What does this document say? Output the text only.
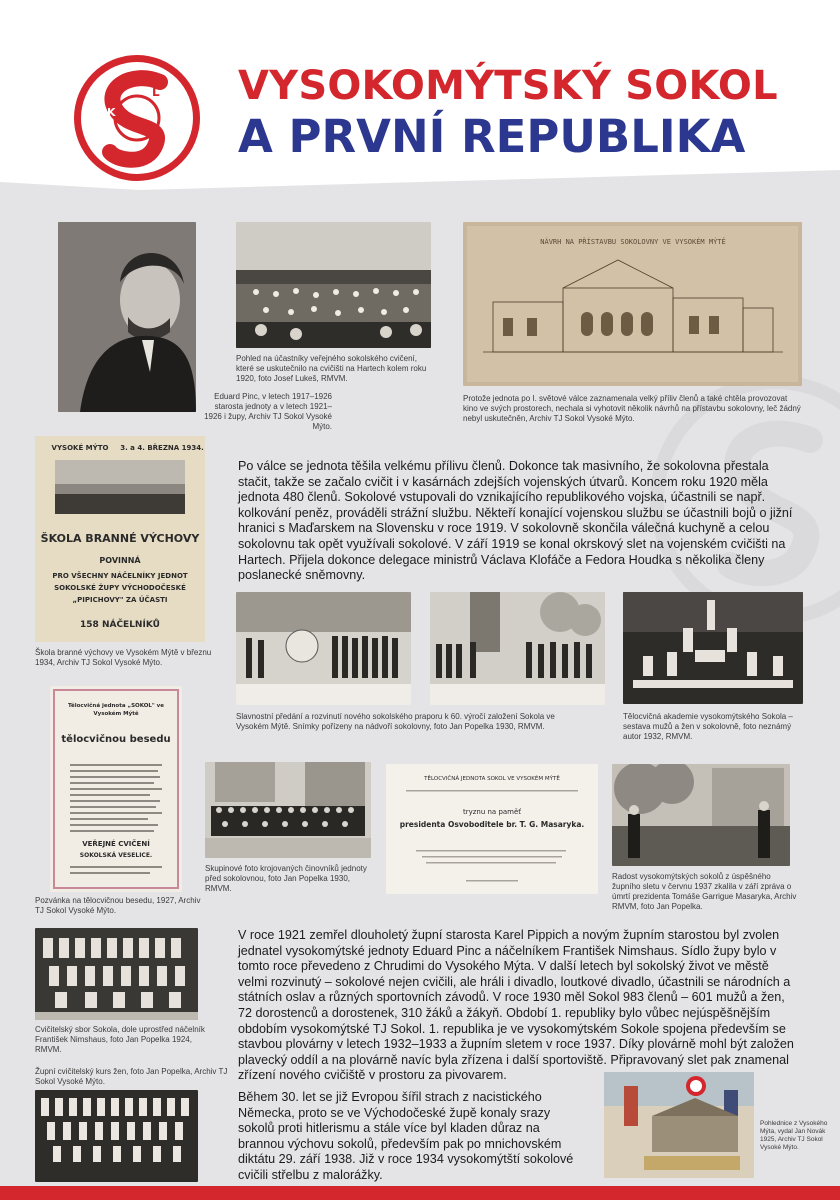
K
L VYSOKOMÝTSKÝ SOKOL
A PRVNÍ REPUBLIKA

Eduard Pinc, v letech 1917–1926 starosta jednoty a v letech 1921–1926 i župy, Archiv TJ Sokol Vysoké Mýto.

Pohled na účastníky veřejného sokolského cvičení, které se uskutečnilo na cvičišti na Hartech kolem roku 1920, foto Josef Lukeš, RMVM.

NÁVRH NA PŘÍSTAVBU SOKOLOVNY VE VYSOKÉM MÝTĚ

Protože jednota po I. světové válce zaznamenala velký příliv členů a také chtěla provozovat kino ve svých prostorech, nechala si vyhotovit několik návrhů na přístavbu sokolovny, leč žádný nebyl uskutečněn, Archiv TJ Sokol Vysoké Mýto.

VYSOKÉ MÝTO	3. a 4. BŘEZNA 1934.
ŠKOLA BRANNÉ VÝCHOVY
POVINNÁ
PRO VŠECHNY NÁČELNÍKY JEDNOT SOKOLSKÉ ŽUPY VÝCHODOČESKÉ „PIPICHOVY" ZA ÚČASTI
158 NÁČELNÍKŮ

Škola branné výchovy ve Vysokém Mýtě v březnu 1934, Archiv TJ Sokol Vysoké Mýto.

Po válce se jednota těšila velkému přílivu členů. Dokonce tak masivního, že sokolovna přestala stačit, takže se začalo cvičit i v kasárnách zdejších vojenských útvarů. Koncem roku 1920 měla jednota 480 členů. Sokolové vstupovali do vznikajícího republikového vojska, účastnili se např. kolkování peněz, prováděli strážní službu. Někteří konající vojenskou službu se účastnili bojů o jižní hranici s Maďarskem na Slovensku v roce 1919. V sokolovně skončila válečná kuchyně a celou sokolovnu tak opět využívali sokolové. V září 1919 se konal okrskový slet na vojenském cvičišti na Hartech. Přijela dokonce delegace ministrů Václava Klofáče a Fedora Houdka s několika členy poslanecké sněmovny.

Slavnostní předání a rozvinutí nového sokolského praporu k 60. výročí založení Sokola ve Vysokém Mýtě. Snímky pořízeny na nádvoří sokolovny, foto Jan Popelka 1930, RMVM.

Tělocvičná akademie vysokomýtského Sokola – sestava mužů a žen v sokolovně, foto neznámý autor 1932, RMVM.

Tělocvičná jednota „SOKOL" ve Vysokém Mýtě
tělocvičnou besedu
VEŘEJNÉ CVIČENÍ
SOKOLSKÁ VESELICE.

Pozvánka na tělocvičnou besedu, 1927, Archiv TJ Sokol Vysoké Mýto.

Skupinové foto krojovaných činovníků jednoty před sokolovnou, foto Jan Popelka 1930, RMVM.

TĚLOCVIČNÁ JEDNOTA SOKOL VE VYSOKÉM MÝTĚ
tryznu na paměť
presidenta Osvoboditele br. T. G. Masaryka.

Radost vysokomýtských sokolů z úspěšného župního sletu v červnu 1937 zkalila v září zpráva o úmrtí prezidenta Tomáše Garrigue Masaryka, Archiv RMVM, foto Jan Popelka.

Cvičitelský sbor Sokola, dole uprostřed náčelník František Nimshaus, foto Jan Popelka 1924, RMVM.

Župní cvičitelský kurs žen, foto Jan Popelka, Archiv TJ Sokol Vysoké Mýto.

V roce 1921 zemřel dlouholetý župní starosta Karel Pippich a novým župním starostou byl zvolen jednatel vysokomýtské jednoty Eduard Pinc a náčelníkem František Nimshaus. Sídlo župy bylo v tomto roce převedeno z Chrudimi do Vysokého Mýta. V další letech byl sokolský život ve městě velmi rozvinutý – sokolové nejen cvičili, ale hráli i divadlo, loutkové divadlo, účastnili se národních a státních oslav a různých sportovních závodů. V roce 1930 měl Sokol 983 členů – 601 mužů a žen, 72 dorostenců a dorostenek, 310 žáků a žákyň. Období 1. republiky bylo vůbec nejúspěšnějším obdobím vysokomýtské TJ Sokol. 1. republika je ve vysokomýtském Sokole spojena především se stavbou plovárny v letech 1932–1933 a župním sletem v roce 1937. Díky plovárně mohl být založen plavecký oddíl a na plovárně navíc byla zřízena i další sportoviště. Připravovaný slet pak znamenal zřízení nového cvičiště v prostoru za pivovarem.

Během 30. let se již Evropou šířil strach z nacistického Německa, proto se ve Východočeské župě konaly srazy sokolů proti hitlerismu a stále více byl kladen důraz na brannou výchovu sokolů, především pak po mnichovském diktátu 29. září 1938. Již v roce 1934 vysokomýtští sokolové cvičili střelbu z malorážky.

Pohlednice z Vysokého Mýta, vydal Jan Novák 1925, Archiv TJ Sokol Vysoké Mýto.
